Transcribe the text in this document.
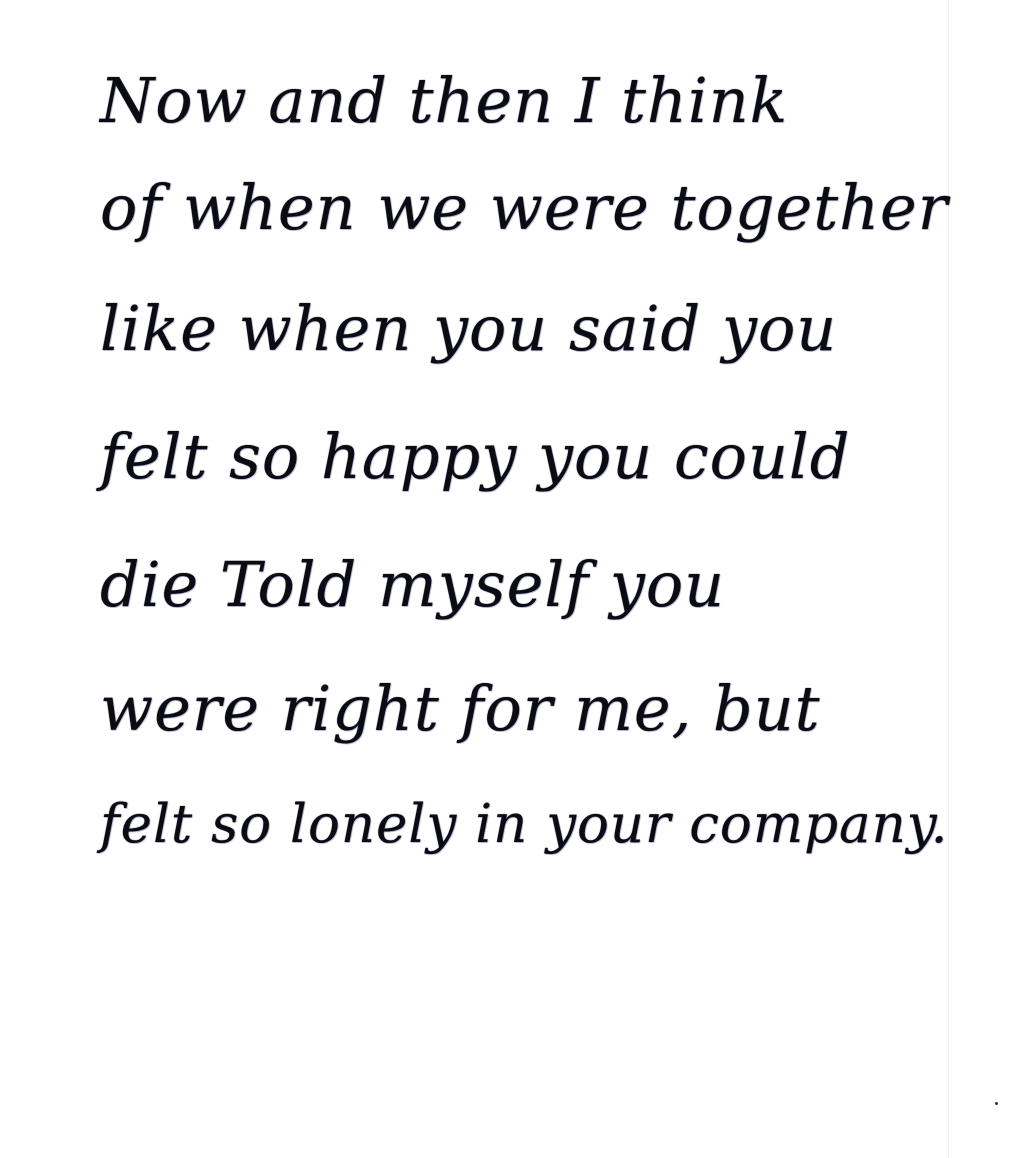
Now and then I think
of when we were together
like when you said you
felt so happy you could
die Told myself you
were right for me, but
felt so lonely in your company.
